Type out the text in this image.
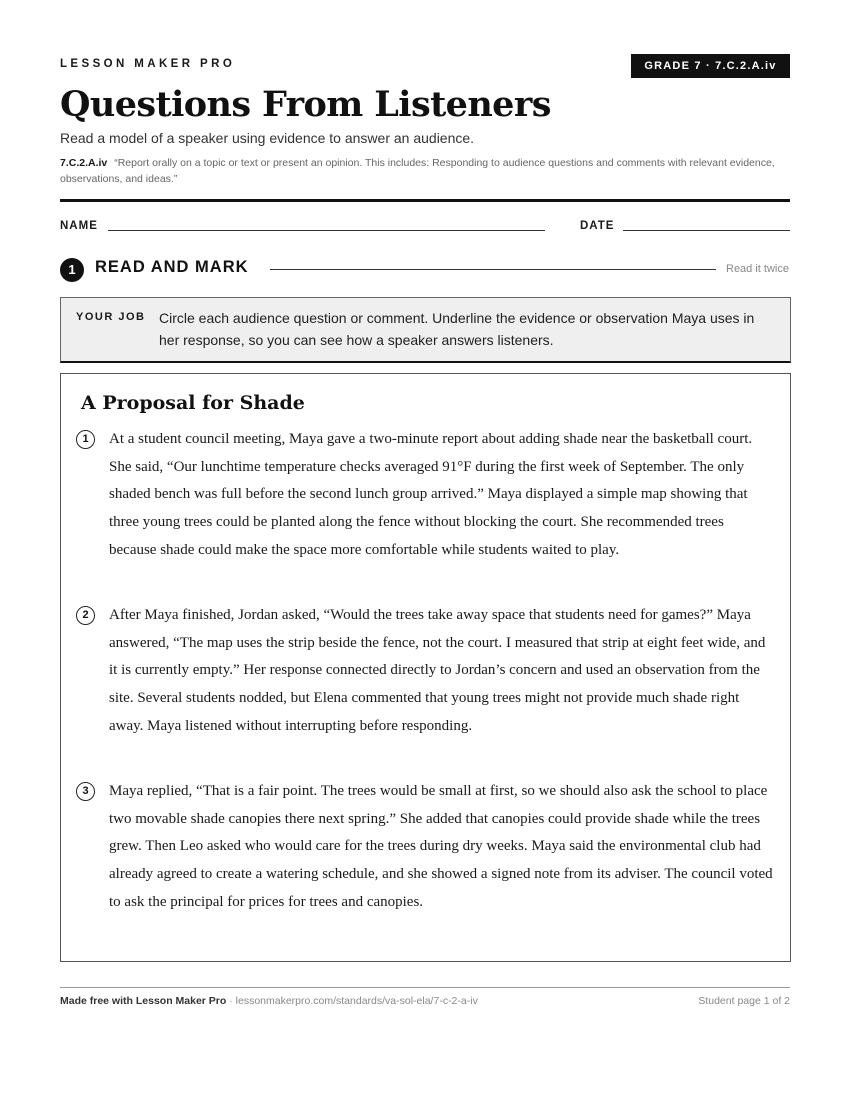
LESSON MAKER PRO	GRADE 7 · 7.C.2.A.iv
Questions From Listeners
Read a model of a speaker using evidence to answer an audience.
7.C.2.A.iv “Report orally on a topic or text or present an opinion. This includes: Responding to audience questions and comments with relevant evidence, observations, and ideas.”
NAME	DATE
1	READ AND MARK	Read it twice
YOUR JOB Circle each audience question or comment. Underline the evidence or observation Maya uses in her response, so you can see how a speaker answers listeners.
A Proposal for Shade
1	At a student council meeting, Maya gave a two-minute report about adding shade near the basketball court. She said, “Our lunchtime temperature checks averaged 91°F during the first week of September. The only shaded bench was full before the second lunch group arrived.” Maya displayed a simple map showing that three young trees could be planted along the fence without blocking the court. She recommended trees because shade could make the space more comfortable while students waited to play.
2	After Maya finished, Jordan asked, “Would the trees take away space that students need for games?” Maya answered, “The map uses the strip beside the fence, not the court. I measured that strip at eight feet wide, and it is currently empty.” Her response connected directly to Jordan’s concern and used an observation from the site. Several students nodded, but Elena commented that young trees might not provide much shade right away. Maya listened without interrupting before responding.
3	Maya replied, “That is a fair point. The trees would be small at first, so we should also ask the school to place two movable shade canopies there next spring.” She added that canopies could provide shade while the trees grew. Then Leo asked who would care for the trees during dry weeks. Maya said the environmental club had already agreed to create a watering schedule, and she showed a signed note from its adviser. The council voted to ask the principal for prices for trees and canopies.
Made free with Lesson Maker Pro · lessonmakerpro.com/standards/va-sol-ela/7-c-2-a-iv	Student page 1 of 2
